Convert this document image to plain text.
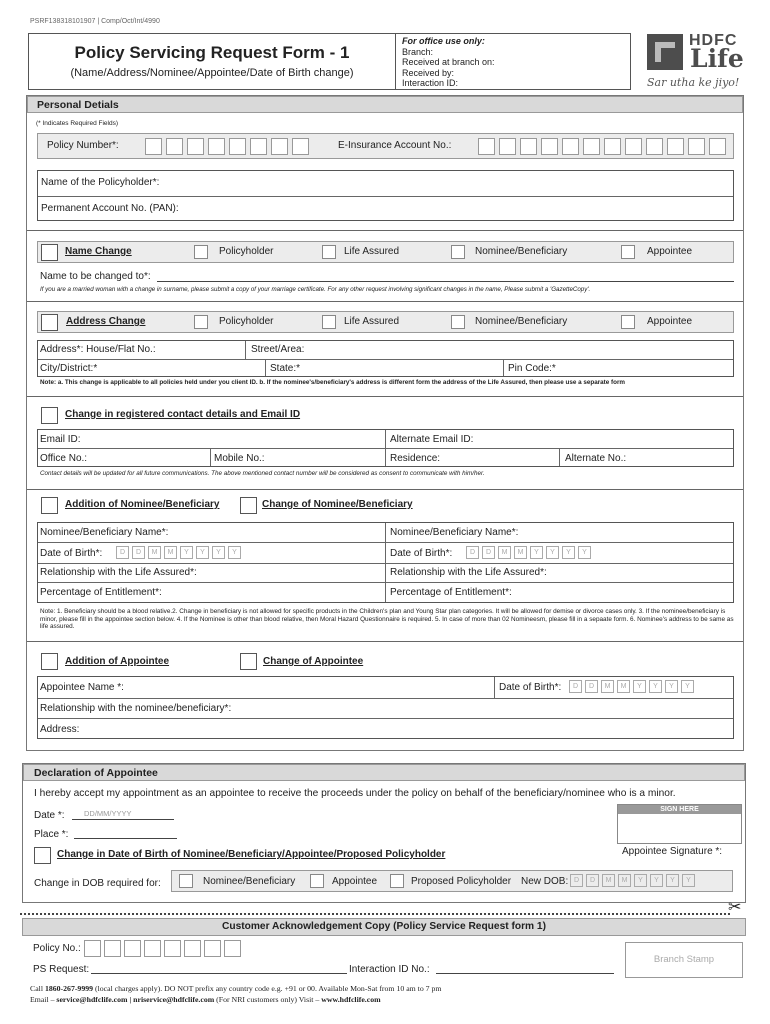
PSRF138318101907 | Comp/Oct/Int/4990
Policy Servicing Request Form - 1
(Name/Address/Nominee/Appointee/Date of Birth change)
For office use only:
Branch:
Received at branch on:
Received by:
Interaction ID:
HDFC
Life
Sar utha ke jiyo!
Personal Detials
(* Indicates Required Fields)
Policy Number*:	E-Insurance Account No.:
Name of the Policyholder*:
Permanent Account No. (PAN):
Name Change	Policyholder	Life Assured	Nominee/Beneficiary	Appointee
Name to be changed to*:
If you are a married woman with a change in surname, please submit a copy of your marriage certificate. For any other request involving significant changes in the name, Please submit a 'GazetteCopy'.
Address Change	Policyholder	Life Assured	Nominee/Beneficiary	Appointee
Address*: House/Flat No.:	Street/Area:
City/District:*	State:*	Pin Code:*
Note: a. This change is applicable to all policies held under you client ID. b. If the nominee's/beneficiary's address is different form the address of the Life Assured, then please use a separate form
Change in registered contact details and Email ID
Email ID:	Alternate Email ID:
Office No.:	Mobile No.:	Residence:	Alternate No.:
Contact details will be updated for all future communications. The above mentioned contact number will be considered as consent to communicate with him/her.
Addition of Nominee/Beneficiary	Change of Nominee/Beneficiary
Nominee/Beneficiary Name*:	Nominee/Beneficiary Name*:
Date of Birth*:	D D M M Y Y Y Y	Date of Birth*:	D D M M Y Y Y Y
Relationship with the Life Assured*:	Relationship with the Life Assured*:
Percentage of Entitlement*:	Percentage of Entitlement*:
Note: 1. Beneficiary should be a blood relative.2. Change in beneficiary is not allowed for specific products in the Children's plan and Young Star plan categories. It will be allowed for demise or divorce cases only. 3. If the nominee/beneficiary is minor, please fill in the appointee section below. 4. If the Nominee is other than blood relative, then Moral Hazard Questionnaire is required. 5. In case of more than 02 Nomineesm, please fill in a sepaate form. 6. Nominee's address to be same as life assured.
Addition of Appointee	Change of Appointee
Appointee Name *:	Date of Birth*:	D D M M Y Y Y Y
Relationship with the nominee/beneficiary*:
Address:
Declaration of Appointee
I hereby accept my appointment as an appointee to receive the proceeds under the policy on behalf of the beneficiary/nominee who is a minor.
Date *:	DD/MM/YYYY
Place *:
SIGN HERE
Appointee Signature *:
Change in Date of Birth of Nominee/Beneficiary/Appointee/Proposed Policyholder
Change in DOB required for:	Nominee/Beneficiary	Appointee	Proposed Policyholder New DOB: D D M M Y Y Y Y
✂
Customer Acknowledgement Copy (Policy Service Request form 1)
Policy No.:
PS Request:	Interaction ID No.:
Branch Stamp
Call 1860-267-9999 (local charges apply). DO NOT prefix any country code e.g. +91 or 00. Available Mon-Sat from 10 am to 7 pm
Email – service@hdfclife.com | nriservice@hdfclife.com (For NRI customers only) Visit – www.hdfclife.com
